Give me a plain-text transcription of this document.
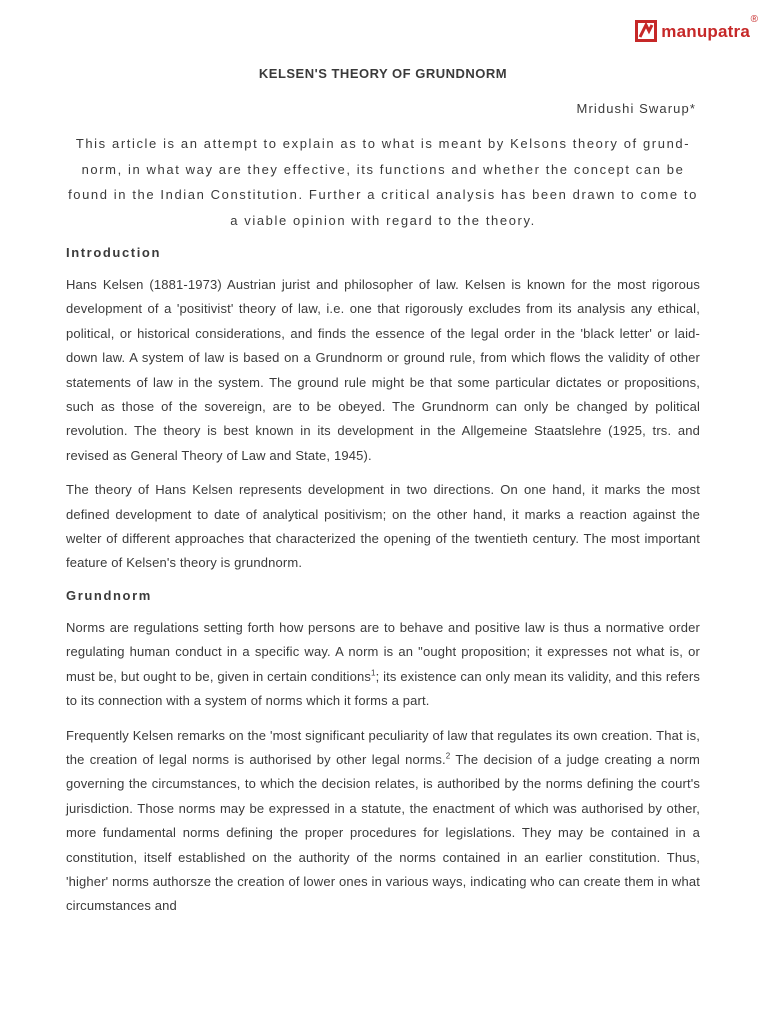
manupatra
®
KELSEN'S THEORY OF GRUNDNORM
Mridushi Swarup*
This article is an attempt to explain as to what is meant by Kelsons theory of grund-norm, in what way are they effective, its functions and whether the concept can be found in the Indian Constitution. Further a critical analysis has been drawn to come to a viable opinion with regard to the theory.
Introduction

Hans Kelsen (1881-1973) Austrian jurist and philosopher of law. Kelsen is known for the most rigorous development of a 'positivist' theory of law, i.e. one that rigorously excludes from its analysis any ethical, political, or historical considerations, and finds the essence of the legal order in the 'black letter' or laid-down law. A system of law is based on a Grundnorm or ground rule, from which flows the validity of other statements of law in the system. The ground rule might be that some particular dictates or propositions, such as those of the sovereign, are to be obeyed. The Grundnorm can only be changed by political revolution. The theory is best known in its development in the Allgemeine Staatslehre (1925, trs. and revised as General Theory of Law and State, 1945).

The theory of Hans Kelsen represents development in two directions. On one hand, it marks the most defined development to date of analytical positivism; on the other hand, it marks a reaction against the welter of different approaches that characterized the opening of the twentieth century. The most important feature of Kelsen's theory is grundnorm.

Grundnorm

Norms are regulations setting forth how persons are to behave and positive law is thus a normative order regulating human conduct in a specific way. A norm is an "ought proposition; it expresses not what is, or must be, but ought to be, given in certain conditions$^1$; its existence can only mean its validity, and this refers to its connection with a system of norms which it forms a part.

Frequently Kelsen remarks on the 'most significant peculiarity of law that regulates its own creation. That is, the creation of legal norms is authorised by other legal norms.$^2$ The decision of a judge creating a norm governing the circumstances, to which the decision relates, is authoribed by the norms defining the court's jurisdiction. Those norms may be expressed in a statute, the enactment of which was authorised by other, more fundamental norms defining the proper procedures for legislations. They may be contained in a constitution, itself established on the authority of the norms contained in an earlier constitution. Thus, 'higher' norms authorsze the creation of lower ones in various ways, indicating who can create them in what circumstances and
